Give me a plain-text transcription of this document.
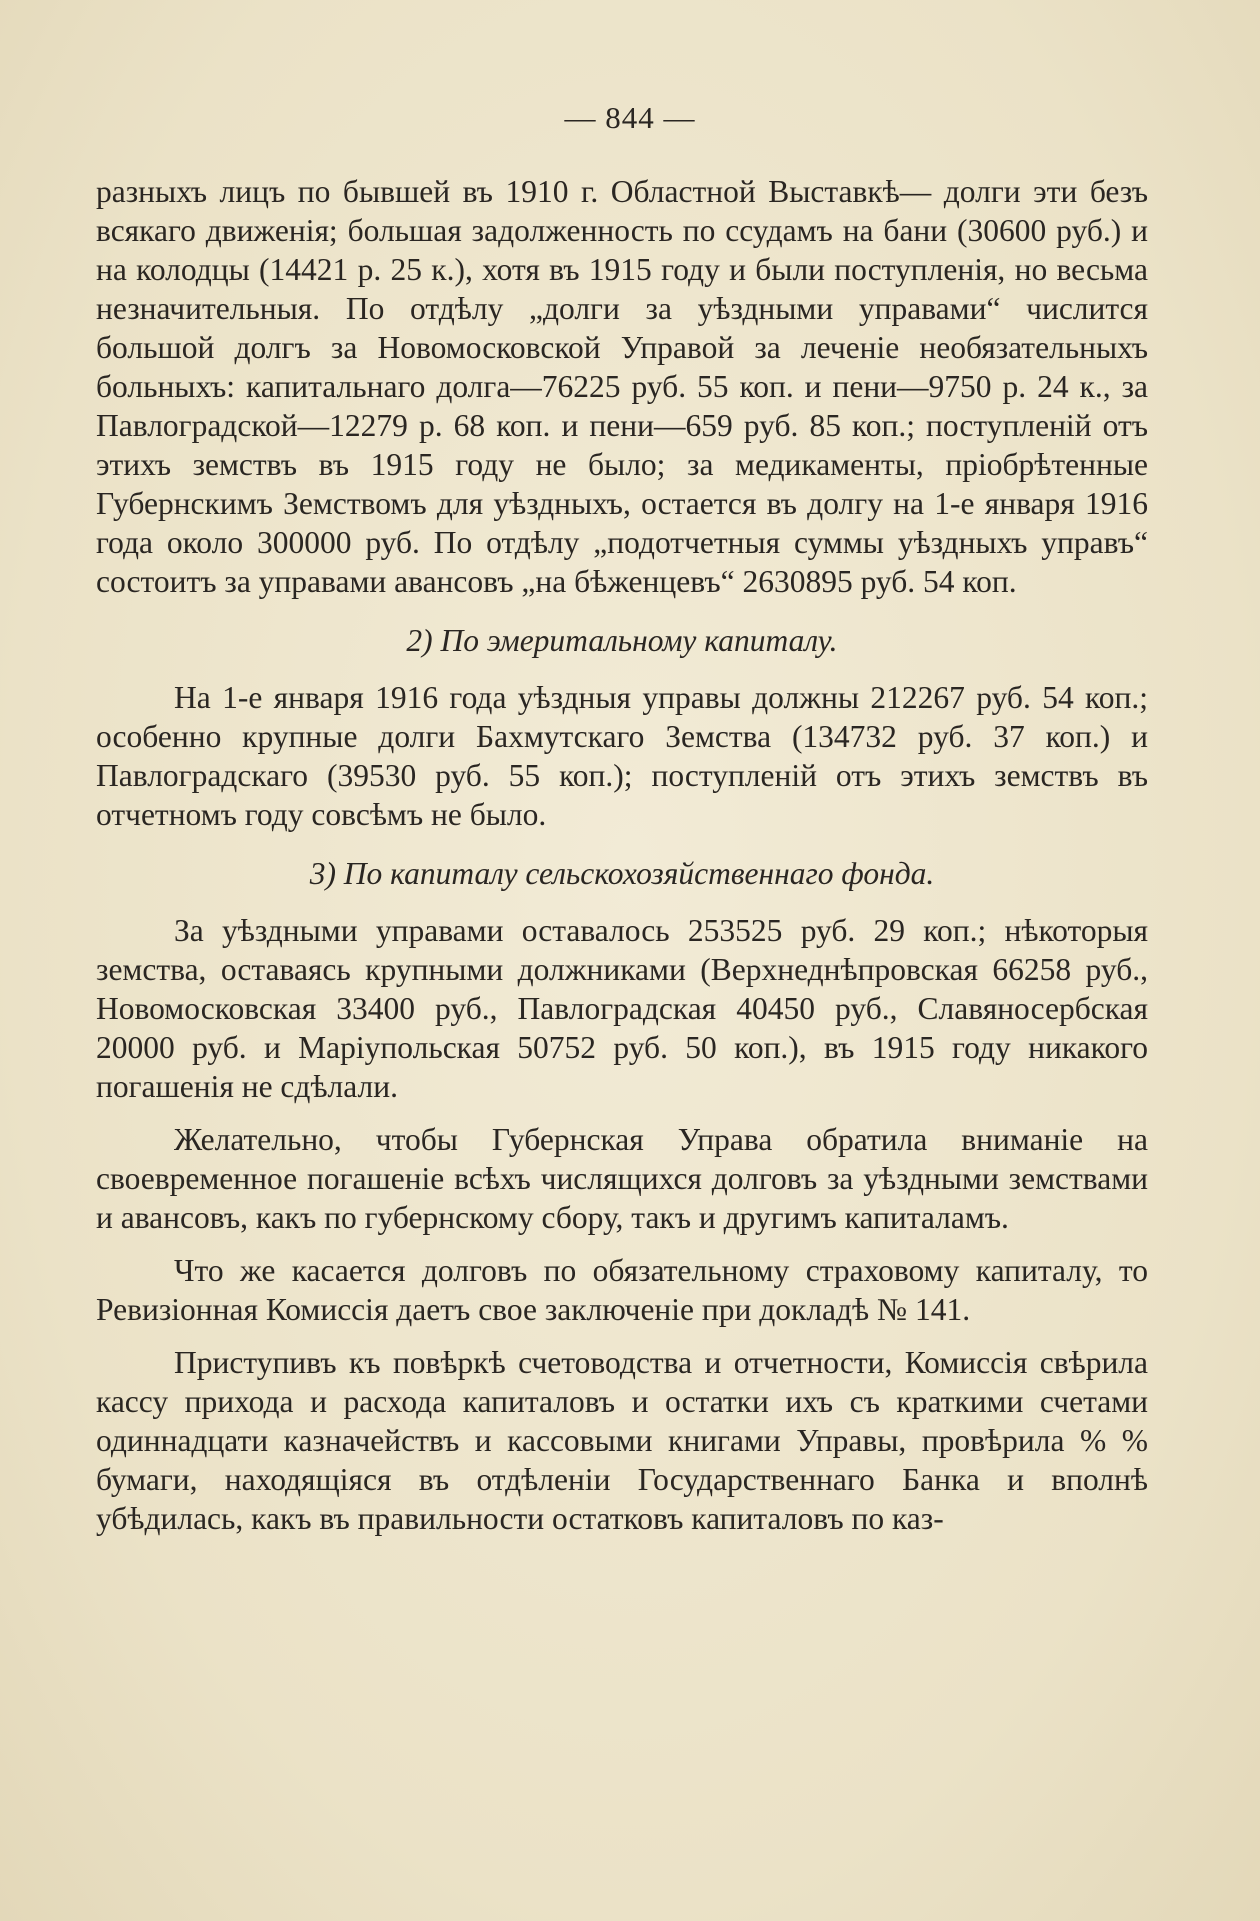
— 844 —

разныхъ лицъ по бывшей въ 1910 г. Областной Выставкѣ— долги эти безъ всякаго движенія; большая задолженность по ссудамъ на бани (30600 руб.) и на колодцы (14421 р. 25 к.), хотя въ 1915 году и были поступленія, но весьма незначительныя. По отдѣлу „долги за уѣздными управами“ числится большой долгъ за Новомосковской Управой за леченіе необязательныхъ больныхъ: капитальнаго долга—76225 руб. 55 коп. и пени—9750 р. 24 к., за Павлоградской—12279 р. 68 коп. и пени—659 руб. 85 коп.; поступленій отъ этихъ земствъ въ 1915 году не было; за медикаменты, пріобрѣтенные Губернскимъ Земствомъ для уѣздныхъ, остается въ долгу на 1-е января 1916 года около 300000 руб. По отдѣлу „подотчетныя суммы уѣздныхъ управъ“ состоитъ за управами авансовъ „на бѣженцевъ“ 2630895 руб. 54 коп.

2) По эмеритальному капиталу.

На 1-е января 1916 года уѣздныя управы должны 212267 руб. 54 коп.; особенно крупные долги Бахмутскаго Земства (134732 руб. 37 коп.) и Павлоградскаго (39530 руб. 55 коп.); поступленій отъ этихъ земствъ въ отчетномъ году совсѣмъ не было.

3) По капиталу сельскохозяйственнаго фонда.

За уѣздными управами оставалось 253525 руб. 29 коп.; нѣкоторыя земства, оставаясь крупными должниками (Верхнеднѣпровская 66258 руб., Новомосковская 33400 руб., Павлоградская 40450 руб., Славяносербская 20000 руб. и Маріупольская 50752 руб. 50 коп.), въ 1915 году никакого погашенія не сдѣлали.

Желательно, чтобы Губернская Управа обратила вниманіе на своевременное погашеніе всѣхъ числящихся долговъ за уѣздными земствами и авансовъ, какъ по губернскому сбору, такъ и другимъ капиталамъ.

Что же касается долговъ по обязательному страховому капиталу, то Ревизіонная Комиссія даетъ свое заключеніе при докладѣ № 141.

Приступивъ къ повѣркѣ счетоводства и отчетности, Комиссія свѣрила кассу прихода и расхода капиталовъ и остатки ихъ съ краткими счетами одиннадцати казначействъ и кассовыми книгами Управы, провѣрила % % бумаги, находящіяся въ отдѣленіи Государственнаго Банка и вполнѣ убѣдилась, какъ въ правильности остатковъ капиталовъ по каз-
